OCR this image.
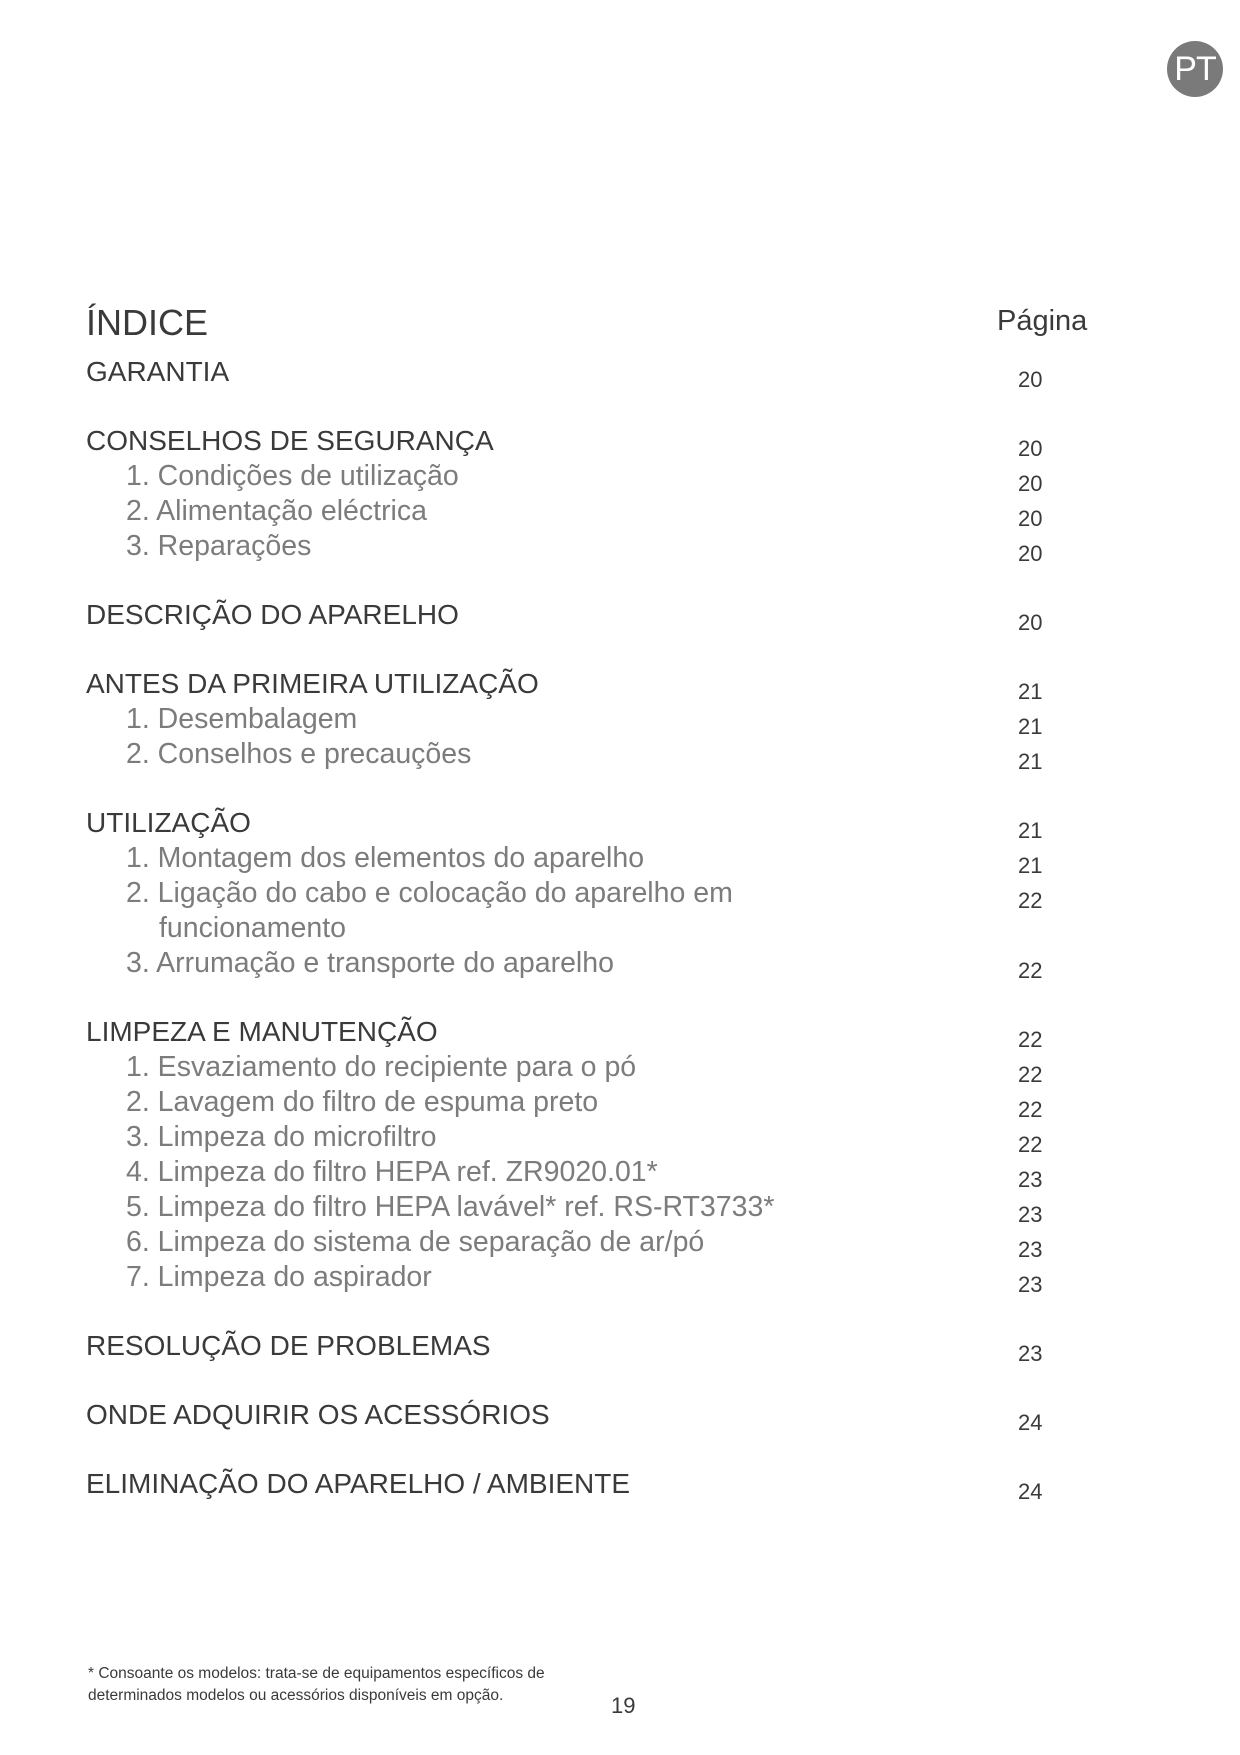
PT
ÍNDICE	Página
GARANTIA	20
CONSELHOS DE SEGURANÇA	20
1. Condições de utilização	20
2. Alimentação eléctrica	20
3. Reparações	20
DESCRIÇÃO DO APARELHO	20
ANTES DA PRIMEIRA UTILIZAÇÃO	21
1. Desembalagem	21
2. Conselhos e precauções	21
UTILIZAÇÃO	21
1. Montagem dos elementos do aparelho	21
2. Ligação do cabo e colocação do aparelho em	22
funcionamento
3. Arrumação e transporte do aparelho	22
LIMPEZA E MANUTENÇÃO	22
1. Esvaziamento do recipiente para o pó	22
2. Lavagem do filtro de espuma preto	22
3. Limpeza do microfiltro	22
4. Limpeza do filtro HEPA ref. ZR9020.01*	23
5. Limpeza do filtro HEPA lavável* ref. RS-RT3733*	23
6. Limpeza do sistema de separação de ar/pó	23
7. Limpeza do aspirador	23
RESOLUÇÃO DE PROBLEMAS	23
ONDE ADQUIRIR OS ACESSÓRIOS	24
ELIMINAÇÃO DO APARELHO / AMBIENTE	24
* Consoante os modelos: trata-se de equipamentos específicos de
determinados modelos ou acessórios disponíveis em opção.	19
